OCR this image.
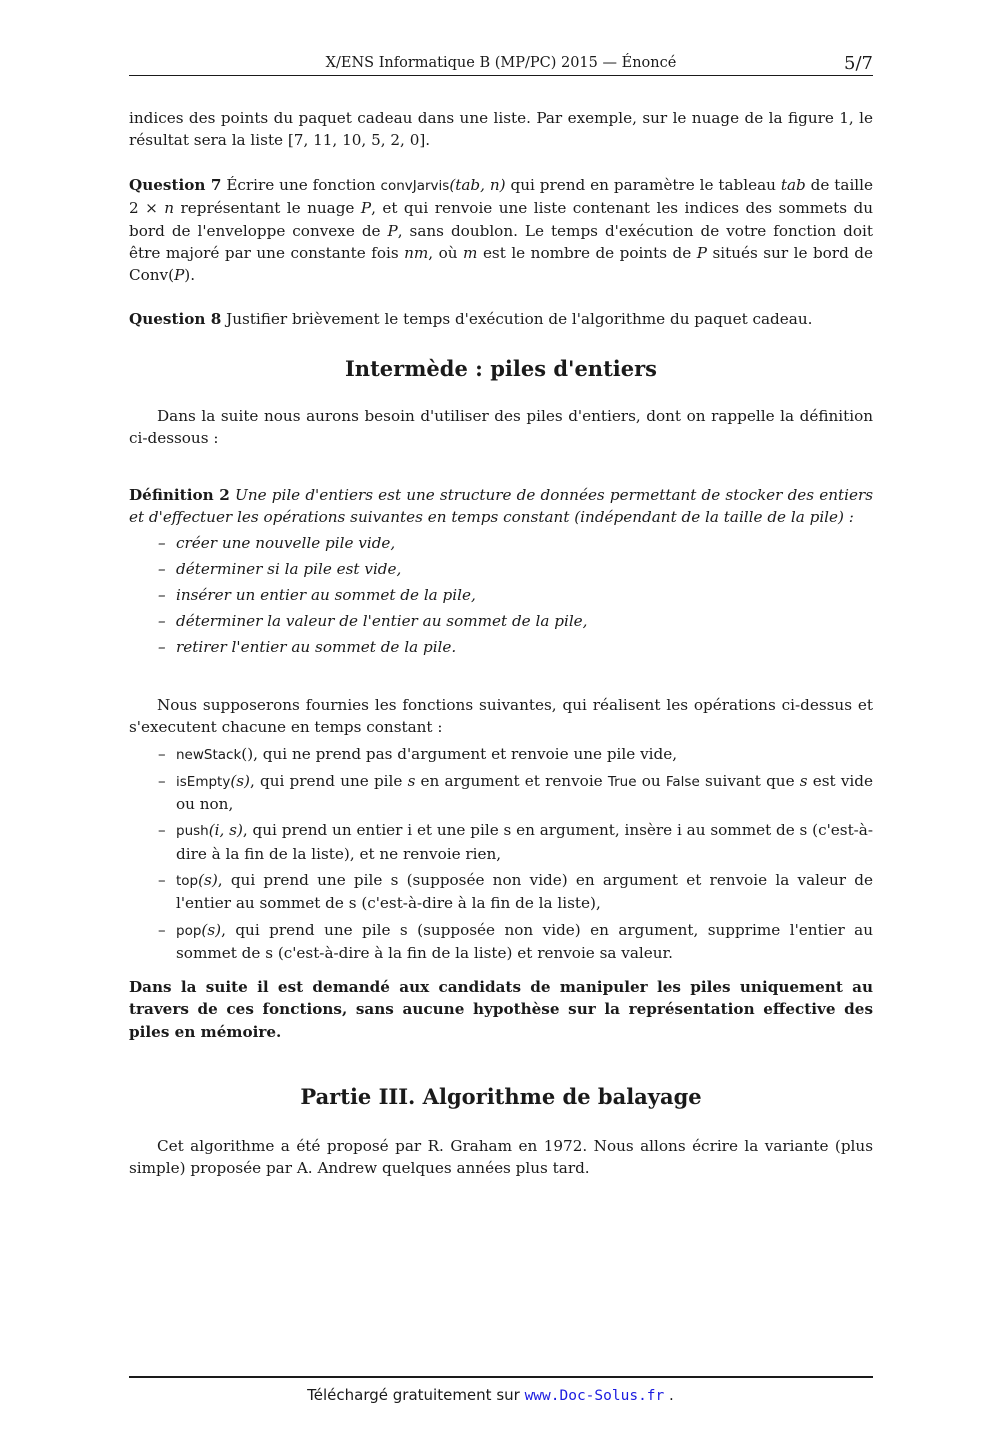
X/ENS Informatique B (MP/PC) 2015 — Énoncé	5/7
indices des points du paquet cadeau dans une liste. Par exemple, sur le nuage de la figure 1, le résultat sera la liste [7, 11, 10, 5, 2, 0].
Question 7 Écrire une fonction convJarvis(tab, n) qui prend en paramètre le tableau tab de taille 2 × n représentant le nuage P, et qui renvoie une liste contenant les indices des sommets du bord de l'enveloppe convexe de P, sans doublon. Le temps d'exécution de votre fonction doit être majoré par une constante fois nm, où m est le nombre de points de P situés sur le bord de Conv(P).
Question 8 Justifier brièvement le temps d'exécution de l'algorithme du paquet cadeau.
Intermède : piles d'entiers
Dans la suite nous aurons besoin d'utiliser des piles d'entiers, dont on rappelle la définition ci-dessous :
Définition 2 Une pile d'entiers est une structure de données permettant de stocker des entiers et d'effectuer les opérations suivantes en temps constant (indépendant de la taille de la pile) :
– créer une nouvelle pile vide,
– déterminer si la pile est vide,
– insérer un entier au sommet de la pile,
– déterminer la valeur de l'entier au sommet de la pile,
– retirer l'entier au sommet de la pile.
Nous supposerons fournies les fonctions suivantes, qui réalisent les opérations ci-dessus et s'executent chacune en temps constant :
– newStack(), qui ne prend pas d'argument et renvoie une pile vide,
– isEmpty(s), qui prend une pile s en argument et renvoie True ou False suivant que s est vide ou non,
– push(i, s), qui prend un entier i et une pile s en argument, insère i au sommet de s (c'est-à-dire à la fin de la liste), et ne renvoie rien,
– top(s), qui prend une pile s (supposée non vide) en argument et renvoie la valeur de l'entier au sommet de s (c'est-à-dire à la fin de la liste),
– pop(s), qui prend une pile s (supposée non vide) en argument, supprime l'entier au sommet de s (c'est-à-dire à la fin de la liste) et renvoie sa valeur.
Dans la suite il est demandé aux candidats de manipuler les piles uniquement au travers de ces fonctions, sans aucune hypothèse sur la représentation effective des piles en mémoire.
Partie III. Algorithme de balayage
Cet algorithme a été proposé par R. Graham en 1972. Nous allons écrire la variante (plus simple) proposée par A. Andrew quelques années plus tard.
Téléchargé gratuitement sur www.Doc-Solus.fr .
